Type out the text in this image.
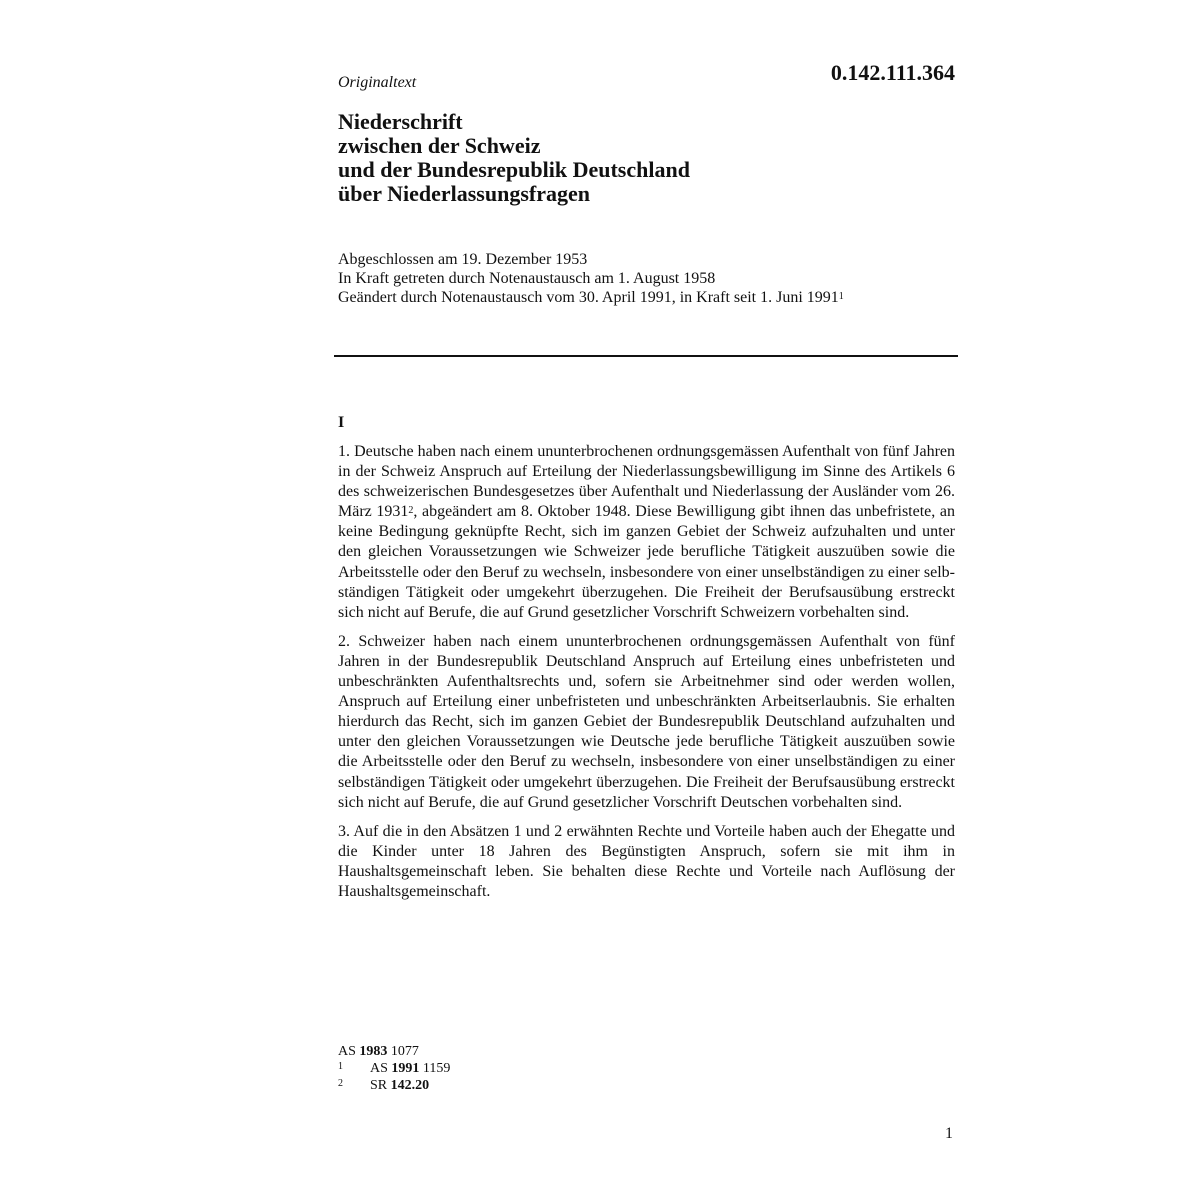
Originaltext	0.142.111.364
Niederschrift
zwischen der Schweiz
und der Bundesrepublik Deutschland
über Niederlassungsfragen
Abgeschlossen am 19. Dezember 1953
In Kraft getreten durch Notenaustausch am 1. August 1958
Geändert durch Notenaustausch vom 30. April 1991, in Kraft seit 1. Juni 1991$^1$
I

1. Deutsche haben nach einem ununterbrochenen ordnungsgemässen Aufenthalt von fünf Jahren in der Schweiz Anspruch auf Erteilung der Niederlassungsbewilligung im Sinne des Artikels 6 des schweizerischen Bundesgesetzes über Aufenthalt und Niederlassung der Ausländer vom 26. März 1931$^2$, abgeändert am 8. Oktober 1948. Diese Bewilligung gibt ihnen das unbefristete, an keine Bedingung geknüpfte Recht, sich im ganzen Gebiet der Schweiz aufzuhalten und unter den gleichen Voraussetzungen wie Schweizer jede berufliche Tätigkeit auszuüben sowie die Arbeitsstelle oder den Beruf zu wechseln, insbesondere von einer unselbständigen zu einer selbständigen Tätigkeit oder umgekehrt überzugehen. Die Freiheit der Berufsausübung erstreckt sich nicht auf Berufe, die auf Grund gesetzlicher Vorschrift Schweizern vorbehalten sind.

2. Schweizer haben nach einem ununterbrochenen ordnungsgemässen Aufenthalt von fünf Jahren in der Bundesrepublik Deutschland Anspruch auf Erteilung eines unbefristeten und unbeschränkten Aufenthaltsrechts und, sofern sie Arbeitnehmer sind oder werden wollen, Anspruch auf Erteilung einer unbefristeten und unbeschränkten Arbeitserlaubnis. Sie erhalten hierdurch das Recht, sich im ganzen Gebiet der Bundesrepublik Deutschland aufzuhalten und unter den gleichen Voraussetzungen wie Deutsche jede berufliche Tätigkeit auszuüben sowie die Arbeitsstelle oder den Beruf zu wechseln, insbesondere von einer unselbständigen zu einer selbständigen Tätigkeit oder umgekehrt überzugehen. Die Freiheit der Berufsausübung erstreckt sich nicht auf Berufe, die auf Grund gesetzlicher Vorschrift Deutschen vorbehalten sind.

3. Auf die in den Absätzen 1 und 2 erwähnten Rechte und Vorteile haben auch der Ehegatte und die Kinder unter 18 Jahren des Begünstigten Anspruch, sofern sie mit ihm in Haushaltsgemeinschaft leben. Sie behalten diese Rechte und Vorteile nach Auflösung der Haushaltsgemeinschaft.

AS
1983
1077
1	AS
1991
1159
2	SR
142.20
1
